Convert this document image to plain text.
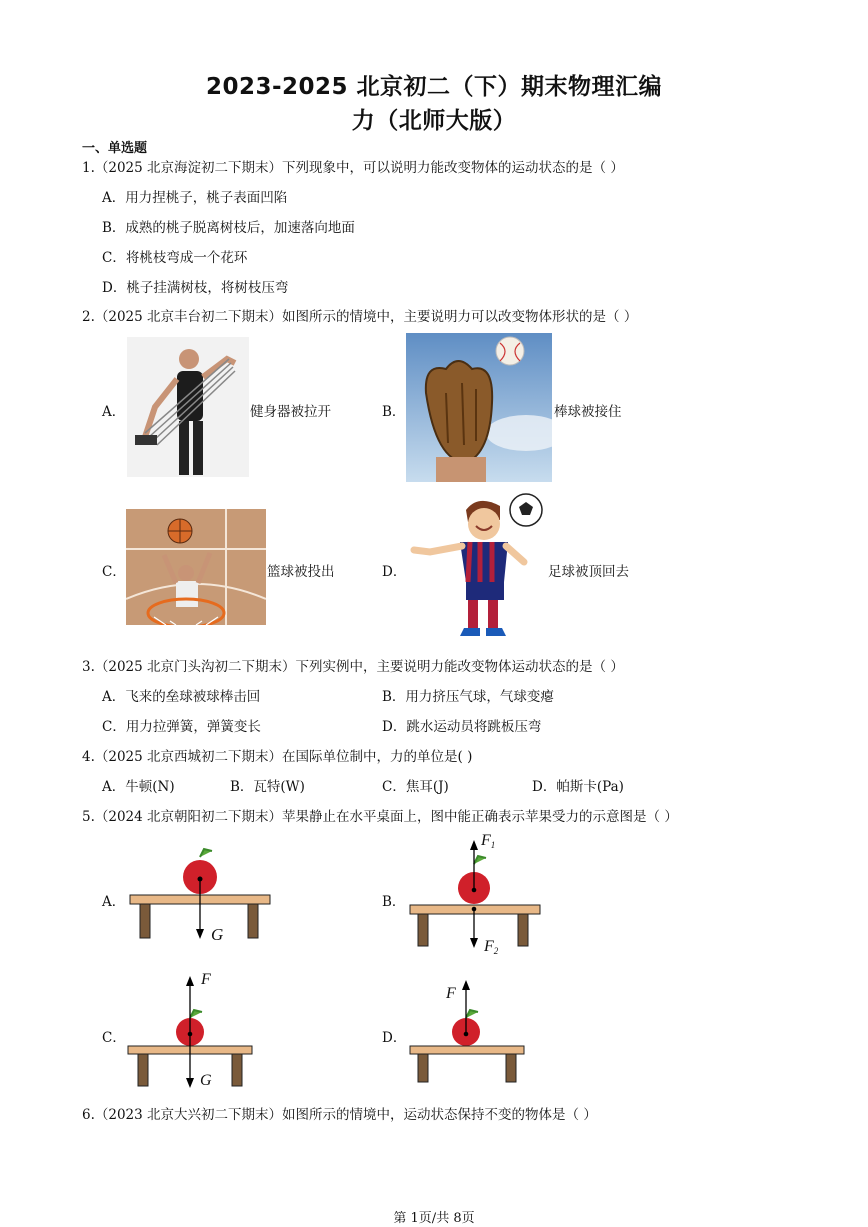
2023-2025 北京初二（下）期末物理汇编
力（北师大版）
一、单选题
1.（2025 北京海淀初二下期末）下列现象中，可以说明力能改变物体的运动状态的是（ ）
A．用力捏桃子，桃子表面凹陷
B．成熟的桃子脱离树枝后，加速落向地面
C．将桃枝弯成一个花环
D．桃子挂满树枝，将树枝压弯
2.（2025 北京丰台初二下期末）如图所示的情境中，主要说明力可以改变物体形状的是（ ）
A．	健身器被拉开	B．	棒球被接住
C．	篮球被投出	D．	足球被顶回去
3.（2025 北京门头沟初二下期末）下列实例中，主要说明力能改变物体运动状态的是（ ）
A．飞来的垒球被球棒击回	B．用力挤压气球，气球变瘪
C．用力拉弹簧，弹簧变长	D．跳水运动员将跳板压弯
4.（2025 北京西城初二下期末）在国际单位制中，力的单位是( )
A．牛顿(N)	B．瓦特(W)	C．焦耳(J)	D．帕斯卡(Pa)
5.（2024 北京朝阳初二下期末）苹果静止在水平桌面上，图中能正确表示苹果受力的示意图是（ ）
A．
G
B．
$F_1$
$F_2$
C．
F
G
D．
F
6.（2023 北京大兴初二下期末）如图所示的情境中，运动状态保持不变的物体是（ ）
第 1页/共 8页
